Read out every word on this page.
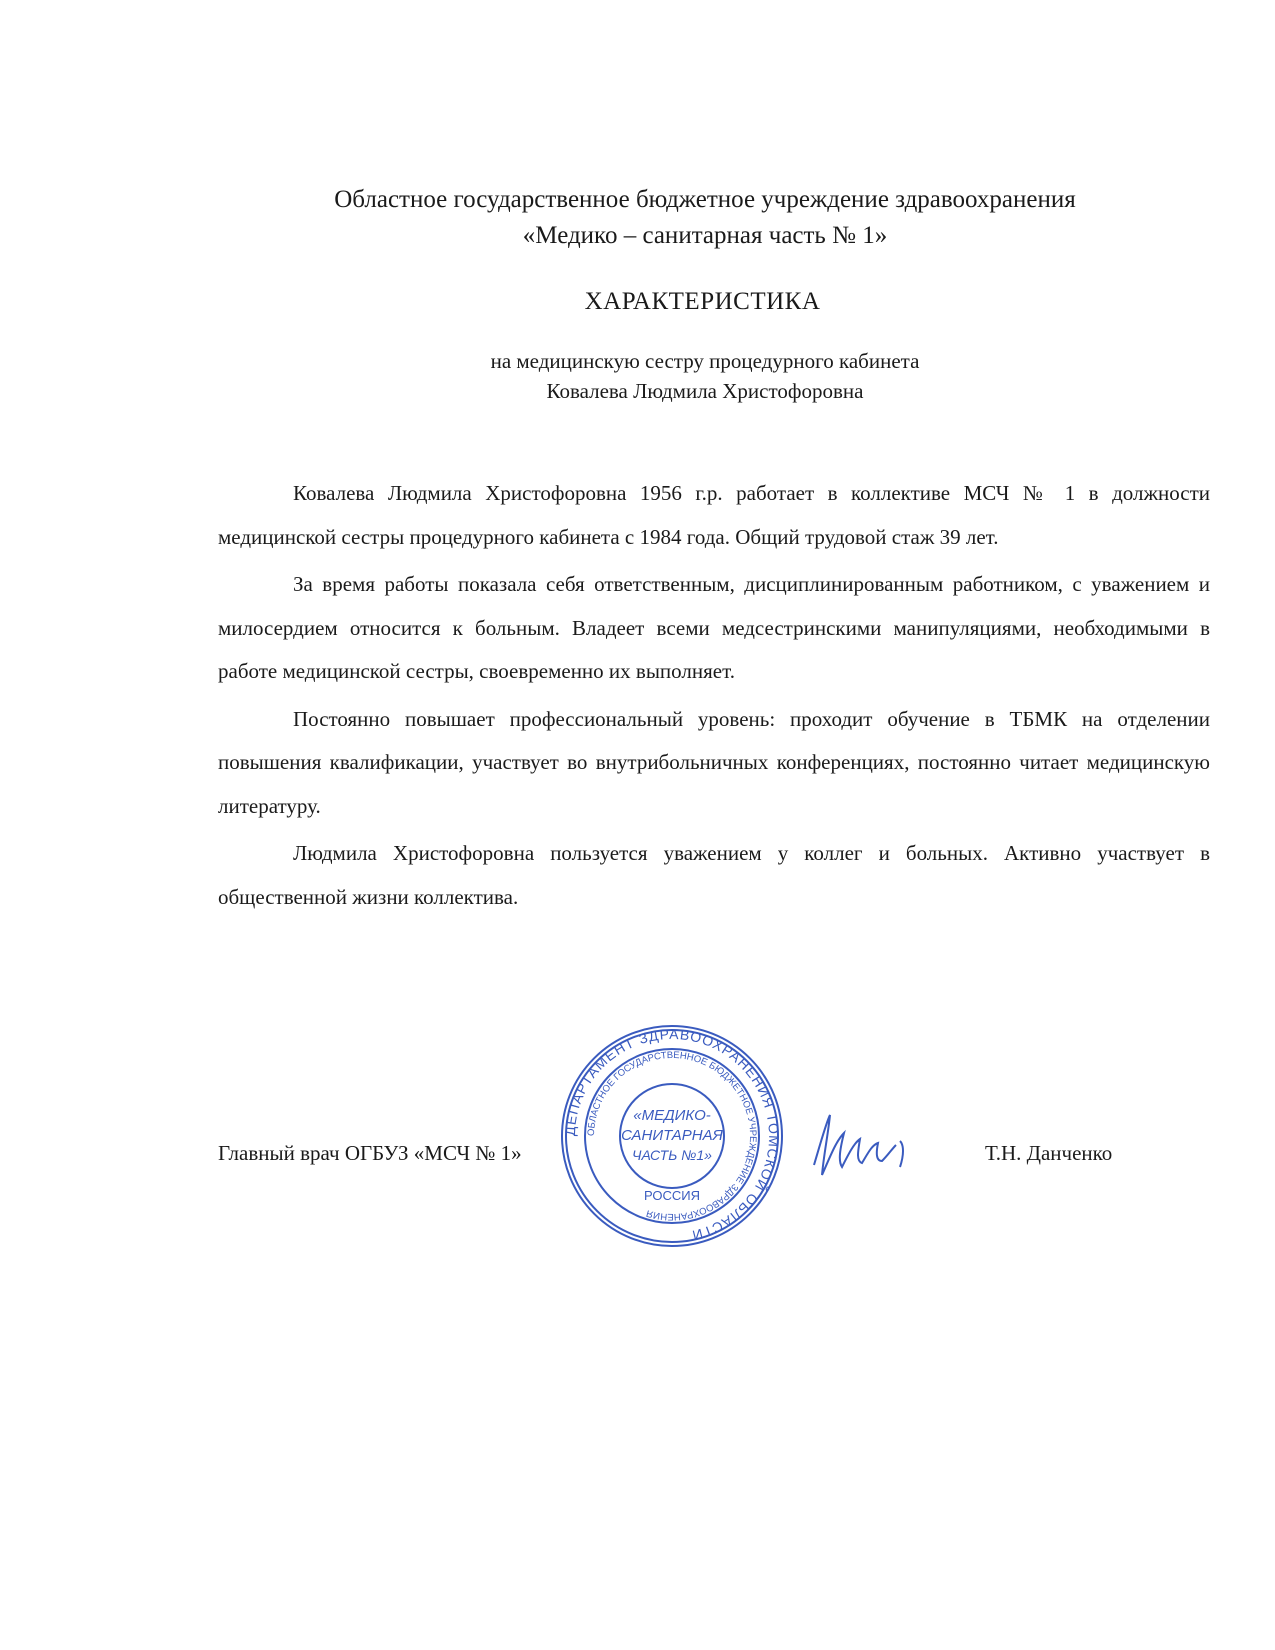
Областное государственное бюджетное учреждение здравоохранения
«Медико – санитарная часть № 1»
ХАРАКТЕРИСТИКА
на медицинскую сестру процедурного кабинета
Ковалева Людмила Христофоровна

Ковалева Людмила Христофоровна 1956 г.р. работает в коллективе МСЧ № 1 в должности медицинской сестры процедурного кабинета с 1984 года. Общий трудовой стаж 39 лет.

За время работы показала себя ответственным, дисциплинированным работником, с уважением и милосердием относится к больным. Владеет всеми медсестринскими манипуляциями, необходимыми в работе медицинской сестры, своевременно их выполняет.

Постоянно повышает профессиональный уровень: проходит обучение в ТБМК на отделении повышения квалификации, участвует во внутрибольничных конференциях, постоянно читает медицинскую литературу.

Людмила Христофоровна пользуется уважением у коллег и больных. Активно участвует в общественной жизни коллектива.

Главный врач ОГБУЗ «МСЧ № 1»	Т.Н. Данченко
ДЕПАРТАМЕНТ ЗДРАВООХРАНЕНИЯ ТОМСКОЙ ОБЛАСТИ
ОБЛАСТНОЕ ГОСУДАРСТВЕННОЕ БЮДЖЕТНОЕ УЧРЕЖДЕНИЕ ЗДРАВООХРАНЕНИЯ
РОССИЯ
«МЕДИКО-
САНИТАРНАЯ
ЧАСТЬ №1»
